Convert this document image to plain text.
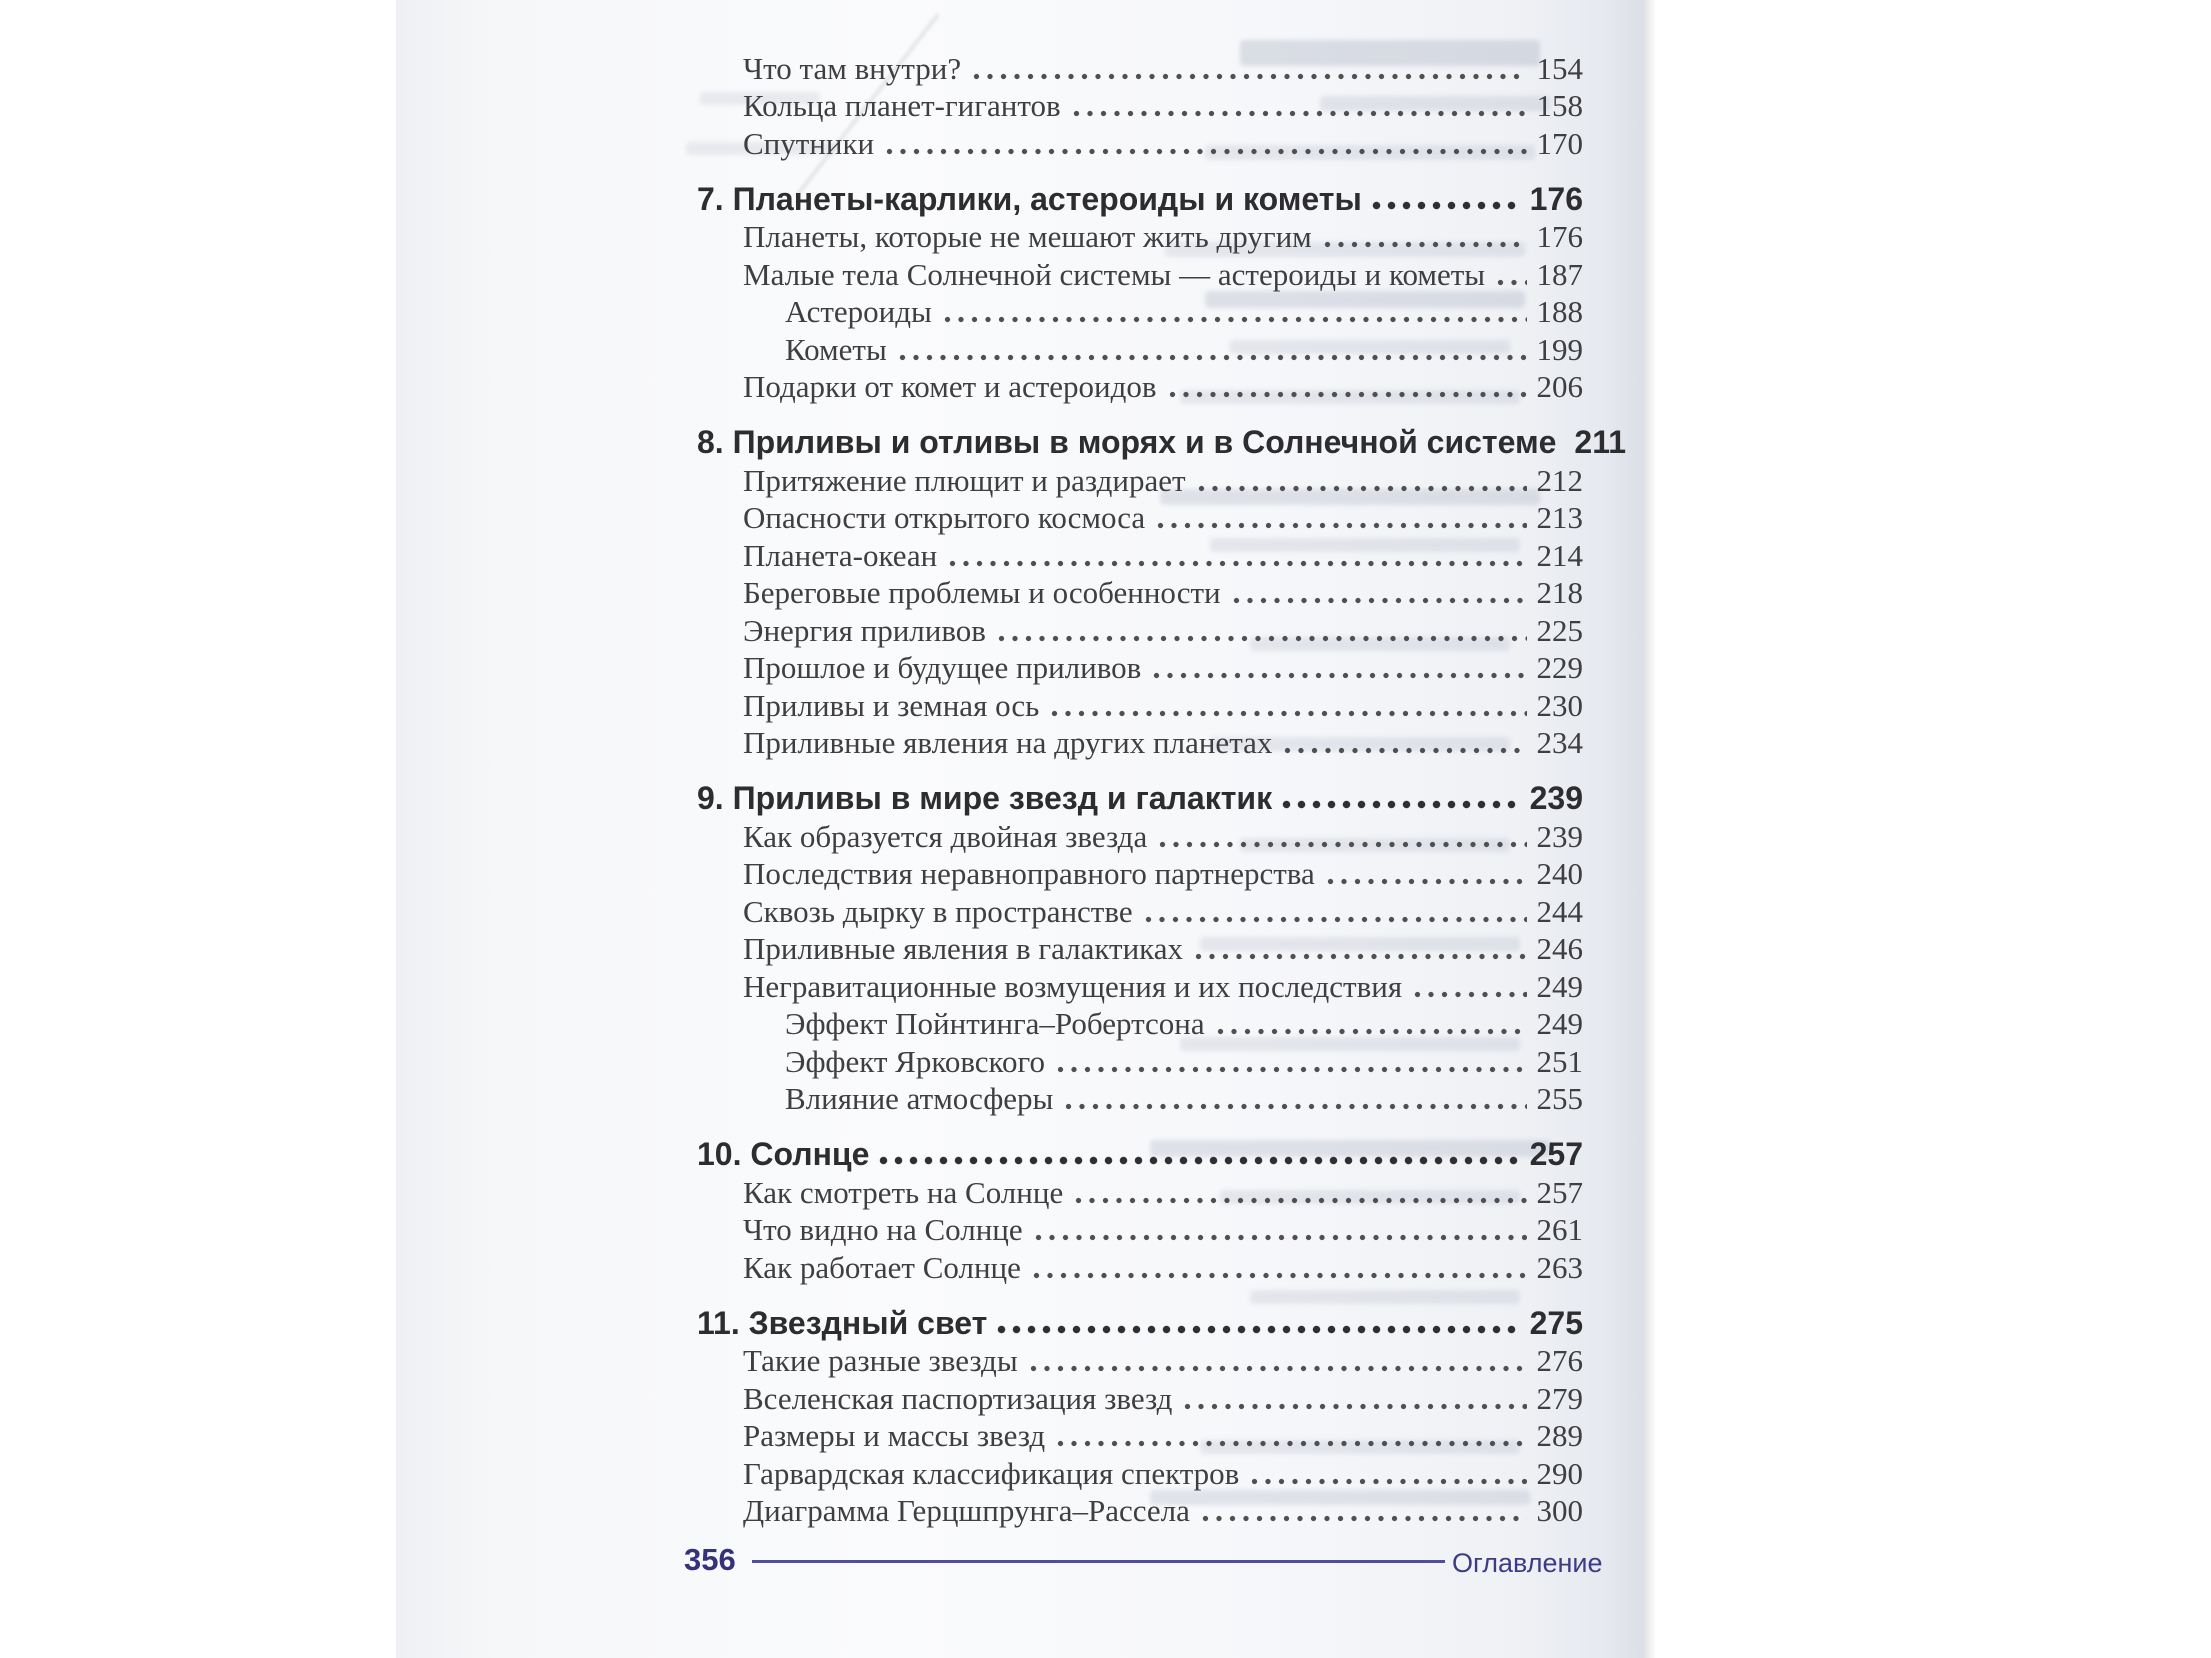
Что там внутри?	154
Кольца планет-гигантов	158
Спутники	170
7. Планеты-карлики, астероиды и кометы	176
Планеты, которые не мешают жить другим	176
Малые тела Солнечной системы — астероиды и кометы 187
Астероиды	188
Кометы	199
Подарки от комет и астероидов	206
8. Приливы и отливы в морях и в Солнечной системе 211
Притяжение плющит и раздирает	212
Опасности открытого космоса	213
Планета-океан	214
Береговые проблемы и особенности	218
Энергия приливов	225
Прошлое и будущее приливов	229
Приливы и земная ось	230
Приливные явления на других планетах	234
9. Приливы в мире звезд и галактик	239
Как образуется двойная звезда	239
Последствия неравноправного партнерства	240
Сквозь дырку в пространстве	244
Приливные явления в галактиках	246
Негравитационные возмущения и их последствия	249
Эффект Пойнтинга–Робертсона	249
Эффект Ярковского	251
Влияние атмосферы	255
10. Солнце	257
Как смотреть на Солнце	257
Что видно на Солнце	261
Как работает Солнце	263
11. Звездный свет	275
Такие разные звезды	276
Вселенская паспортизация звезд	279
Размеры и массы звезд	289
Гарвардская классификация спектров	290
Диаграмма Герцшпрунга–Рассела	300
356	Оглавление
